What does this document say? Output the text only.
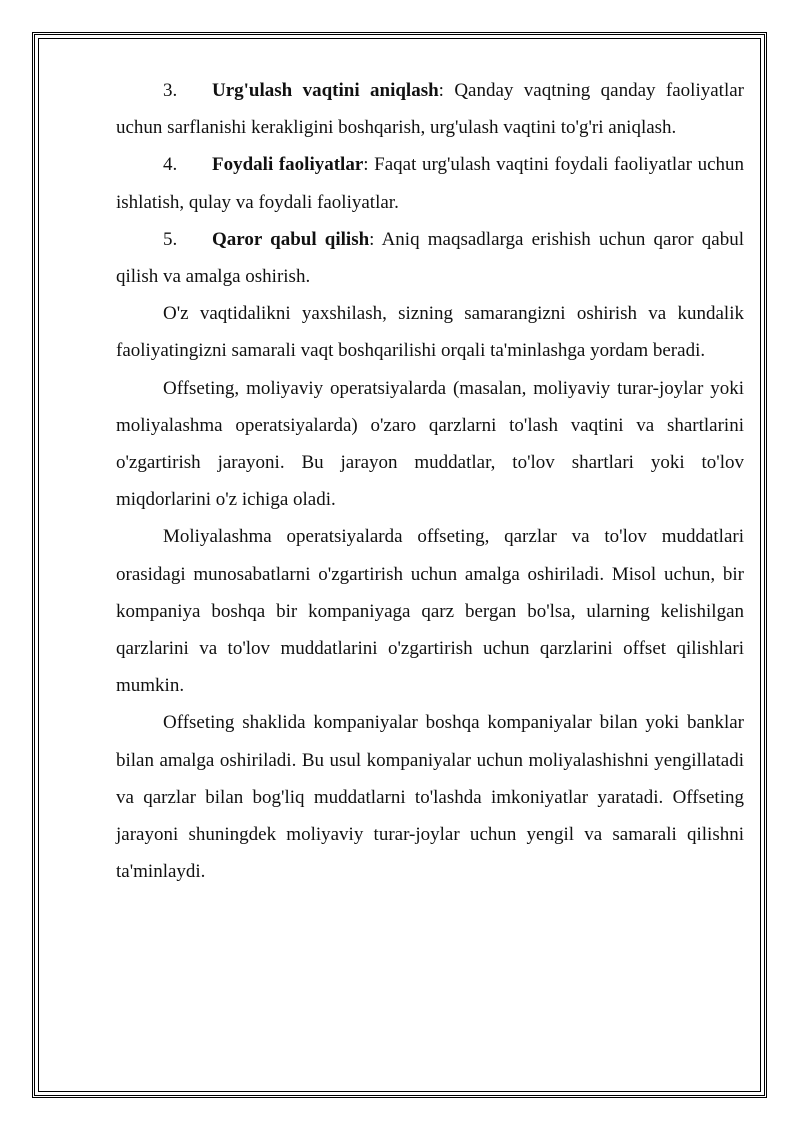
3. Urg'ulash vaqtini aniqlash: Qanday vaqtning qanday faoliyatlar uchun sarflanishi kerakligini boshqarish, urg'ulash vaqtini to'g'ri aniqlash.

4. Foydali faoliyatlar: Faqat urg'ulash vaqtini foydali faoliyatlar uchun ishlatish, qulay va foydali faoliyatlar.

5. Qaror qabul qilish: Aniq maqsadlarga erishish uchun qaror qabul qilish va amalga oshirish.

O'z vaqtidalikni yaxshilash, sizning samarangizni oshirish va kundalik faoliyatingizni samarali vaqt boshqarilishi orqali ta'minlashga yordam beradi.

Offseting, moliyaviy operatsiyalarda (masalan, moliyaviy turar-joylar yoki moliyalashma operatsiyalarda) o'zaro qarzlarni to'lash vaqtini va shartlarini o'zgartirish jarayoni. Bu jarayon muddatlar, to'lov shartlari yoki to'lov miqdorlarini o'z ichiga oladi.

Moliyalashma operatsiyalarda offseting, qarzlar va to'lov muddatlari orasidagi munosabatlarni o'zgartirish uchun amalga oshiriladi. Misol uchun, bir kompaniya boshqa bir kompaniyaga qarz bergan bo'lsa, ularning kelishilgan qarzlarini va to'lov muddatlarini o'zgartirish uchun qarzlarini offset qilishlari mumkin.

Offseting shaklida kompaniyalar boshqa kompaniyalar bilan yoki banklar bilan amalga oshiriladi. Bu usul kompaniyalar uchun moliyalashishni yengillatadi va qarzlar bilan bog'liq muddatlarni to'lashda imkoniyatlar yaratadi. Offseting jarayoni shuningdek moliyaviy turar-joylar uchun yengil va samarali qilishni ta'minlaydi.
